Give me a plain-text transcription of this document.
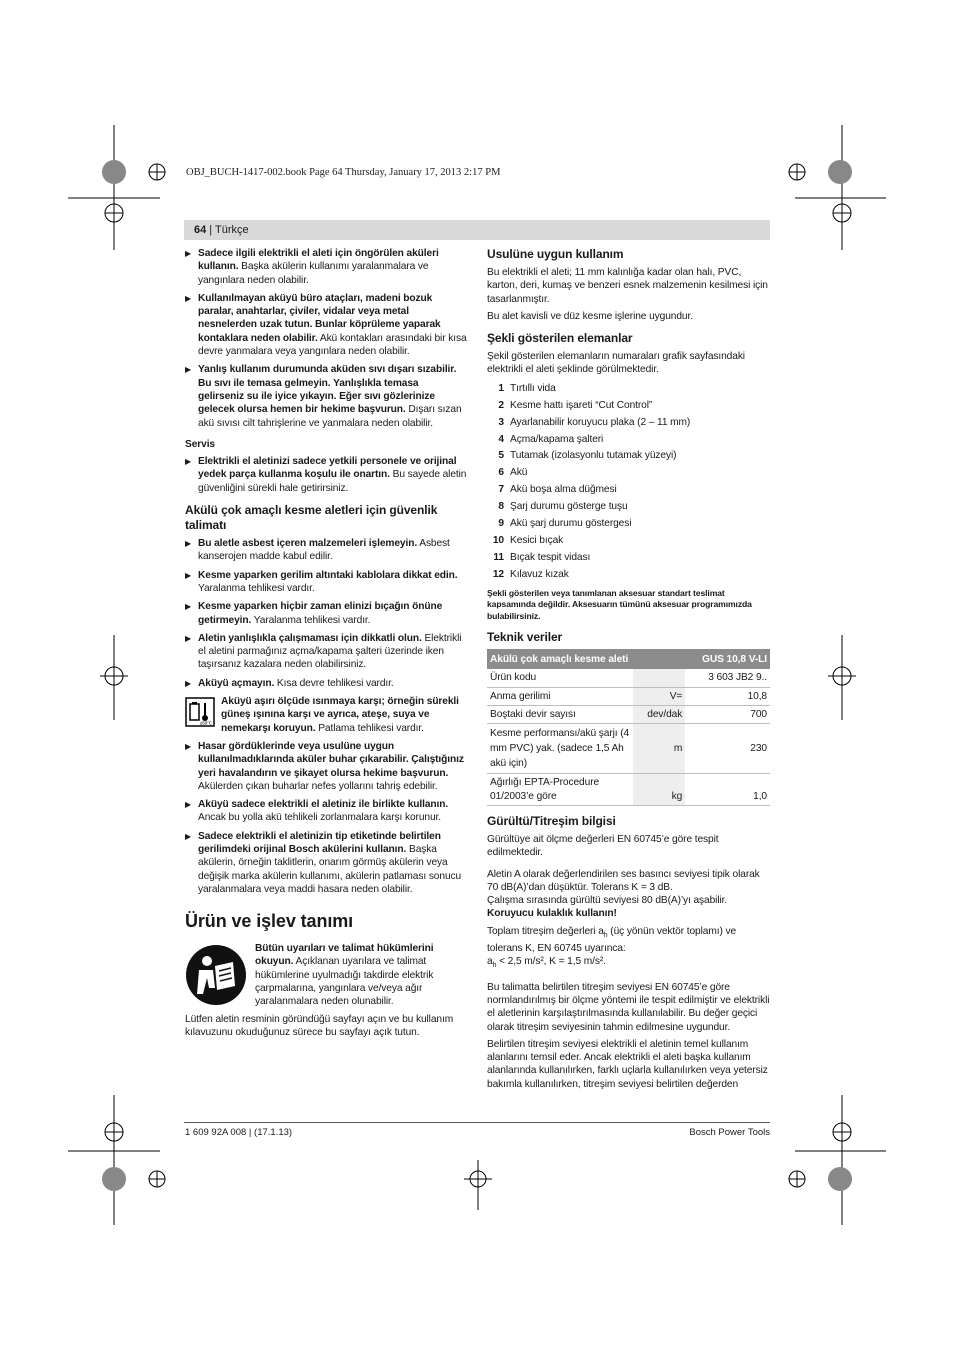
OBJ_BUCH-1417-002.book Page 64 Thursday, January 17, 2013 2:17 PM
64 | Türkçe
▶ Sadece ilgili elektrikli el aleti için öngörülen aküleri kullanın. Başka akülerin kullanımı yaralanmalara ve yangınlara neden olabilir.
▶ Kullanılmayan aküyü büro ataçları, madeni bozuk paralar, anahtarlar, çiviler, vidalar veya metal nesnelerden uzak tutun. Bunlar köprüleme yaparak kontaklara neden olabilir. Akü kontakları arasındaki bir kısa devre yanmalara veya yangınlara neden olabilir.
▶ Yanlış kullanım durumunda aküden sıvı dışarı sızabilir. Bu sıvı ile temasa gelmeyin. Yanlışlıkla temasa gelirseniz su ile iyice yıkayın. Eğer sıvı gözlerinize gelecek olursa hemen bir hekime başvurun. Dışarı sızan akü sıvısı cilt tahrişlerine ve yanmalara neden olabilir.
Servis
▶ Elektrikli el aletinizi sadece yetkili personele ve orijinal yedek parça kullanma koşulu ile onartın. Bu sayede aletin güvenliğini sürekli hale getirirsiniz.
Akülü çok amaçlı kesme aletleri için güvenlik talimatı
▶ Bu aletle asbest içeren malzemeleri işlemeyin. Asbest kanserojen madde kabul edilir.
▶ Kesme yaparken gerilim altıntaki kablolara dikkat edin. Yaralanma tehlikesi vardır.
▶ Kesme yaparken hiçbir zaman elinizi bıçağın önüne getirmeyin. Yaralanma tehlikesi vardır.
▶ Aletin yanlışlıkla çalışmaması için dikkatli olun. Elektrikli el aletini parmağınız açma/kapama şalteri üzerinde iken taşırsanız kazalara neden olabilirsiniz.
▶ Aküyü açmayın. Kısa devre tehlikesi vardır.
≤50°C
Aküyü aşırı ölçüde ısınmaya karşı; örneğin sürekli güneş ışınına karşı ve ayrıca, ateşe, suya ve nemekarşı koruyun. Patlama tehlikesi vardır.
▶ Hasar gördüklerinde veya usulüne uygun kullanılmadıklarında aküler buhar çıkarabilir. Çalıştığınız yeri havalandırın ve şikayet olursa hekime başvurun. Akülerden çıkan buharlar nefes yollarını tahriş edebilir.
▶ Aküyü sadece elektrikli el aletiniz ile birlikte kullanın. Ancak bu yolla akü tehlikeli zorlanmalara karşı korunur.
▶ Sadece elektrikli el aletinizin tip etiketinde belirtilen gerilimdeki orijinal Bosch akülerini kullanın. Başka akülerin, örneğin taklitlerin, onarım görmüş akülerin veya değişik marka akülerin kullanımı, akülerin patlaması sonucu yaralanmalara veya maddi hasara neden olabilir.
Ürün ve işlev tanımı
Bütün uyarıları ve talimat hükümlerini okuyun. Açıklanan uyarılara ve talimat hükümlerine uyulmadığı takdirde elektrik çarpmalarına, yangınlara ve/veya ağır yaralanmalara neden olunabilir.
Lütfen aletin resminin göründüğü sayfayı açın ve bu kullanım kılavuzunu okuduğunuz sürece bu sayfayı açık tutun.
Usulüne uygun kullanım
Bu elektrikli el aleti; 11 mm kalınlığa kadar olan halı, PVC, karton, deri, kumaş ve benzeri esnek malzemenin kesilmesi için tasarlanmıştır.
Bu alet kavisli ve düz kesme işlerine uygundur.
Şekli gösterilen elemanlar
Şekil gösterilen elemanların numaraları grafik sayfasındaki elektrikli el aleti şeklinde görülmektedir.
1 Tırtıllı vida
2 Kesme hattı işareti “Cut Control”
3 Ayarlanabilir koruyucu plaka (2 – 11 mm)
4 Açma/kapama şalteri
5 Tutamak (izolasyonlu tutamak yüzeyi)
6 Akü
7 Akü boşa alma düğmesi
8 Şarj durumu gösterge tuşu
9 Akü şarj durumu göstergesi
10 Kesici bıçak
11 Bıçak tespit vidası
12 Kılavuz kızak
Şekli gösterilen veya tanımlanan aksesuar standart teslimat kapsamında değildir. Aksesuarın tümünü aksesuar programımızda bulabilirsiniz.
Teknik veriler
Akülü çok amaçlı kesme aleti		GUS 10,8 V-LI
Ürün kodu		3 603 JB2 9..
Anma gerilimi	V=	10,8
Boştaki devir sayısı	dev/dak	700
Kesme performansı/akü şarjı (4 mm PVC) yak. (sadece 1,5 Ah akü için)	m	230
Ağırlığı EPTA-Procedure 01/2003’e göre	kg	1,0
Gürültü/Titreşim bilgisi
Gürültüye ait ölçme değerleri EN 60745’e göre tespit edilmektedir.
Aletin A olarak değerlendirilen ses basıncı seviyesi tipik olarak 70 dB(A)’dan düşüktür. Tolerans K = 3 dB.
Çalışma sırasında gürültü seviyesi 80 dB(A)’yı aşabilir.
Koruyucu kulaklık kullanın!
Toplam titreşim değerleri $a_h$ (üç yönün vektör toplamı) ve tolerans K, EN 60745 uyarınca:
$a_h < 2,5$ m/s², K = 1,5 m/s².
Bu talimatta belirtilen titreşim seviyesi EN 60745’e göre normlandırılmış bir ölçme yöntemi ile tespit edilmiştir ve elektrikli el aletlerinin karşılaştırılmasında kullanılabilir. Bu değer geçici olarak titreşim seviyesinin tahmin edilmesine uygundur.
Belirtilen titreşim seviyesi elektrikli el aletinin temel kullanım alanlarını temsil eder. Ancak elektrikli el aleti başka kullanım alanlarında kullanılırken, farklı uçlarla kullanılırken veya yetersiz bakımla kullanılırken, titreşim seviyesi belirtilen değerden
1 609 92A 008 | (17.1.13)	Bosch Power Tools
